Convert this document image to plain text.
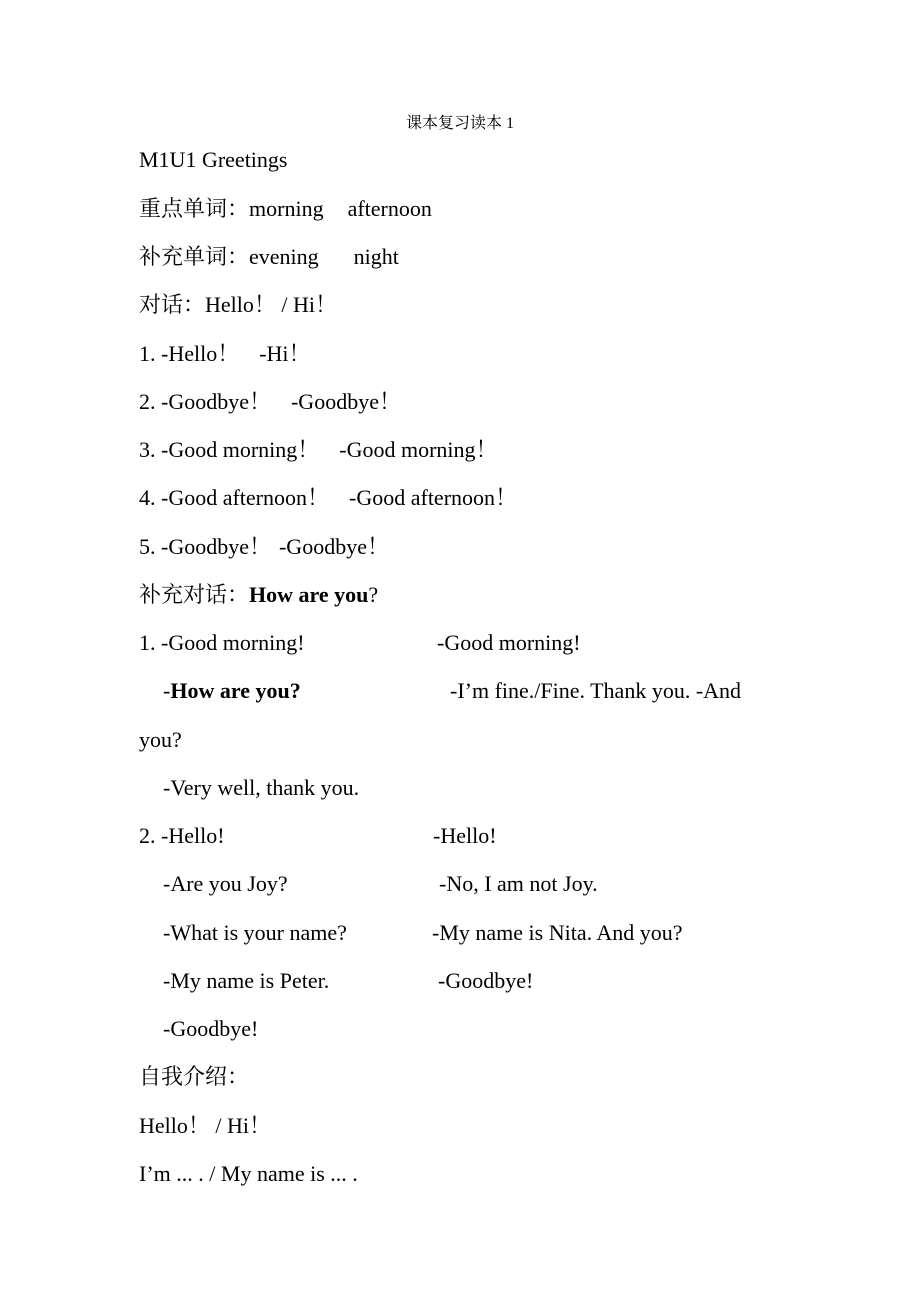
课本复习读本 1
M1U1 Greetings
重点单词：morning afternoon
补充单词：evening night
对话：Hello！ / Hi！
1. -Hello！ -Hi！
2. -Goodbye！ -Goodbye！
3. -Good morning！ -Good morning！
4. -Good afternoon！ -Good afternoon！
5. -Goodbye！ -Goodbye！
补充对话：How are you?
1. -Good morning!	-Good morning!
-How are you?	-I’m fine./Fine. Thank you. -And
you?
-Very well, thank you.
2. -Hello!	-Hello!
-Are you Joy?	-No, I am not Joy.
-What is your name?	-My name is Nita. And you?
-My name is Peter.	-Goodbye!
-Goodbye!
自我介绍：
Hello！ / Hi！
I’m ... . / My name is ... .
